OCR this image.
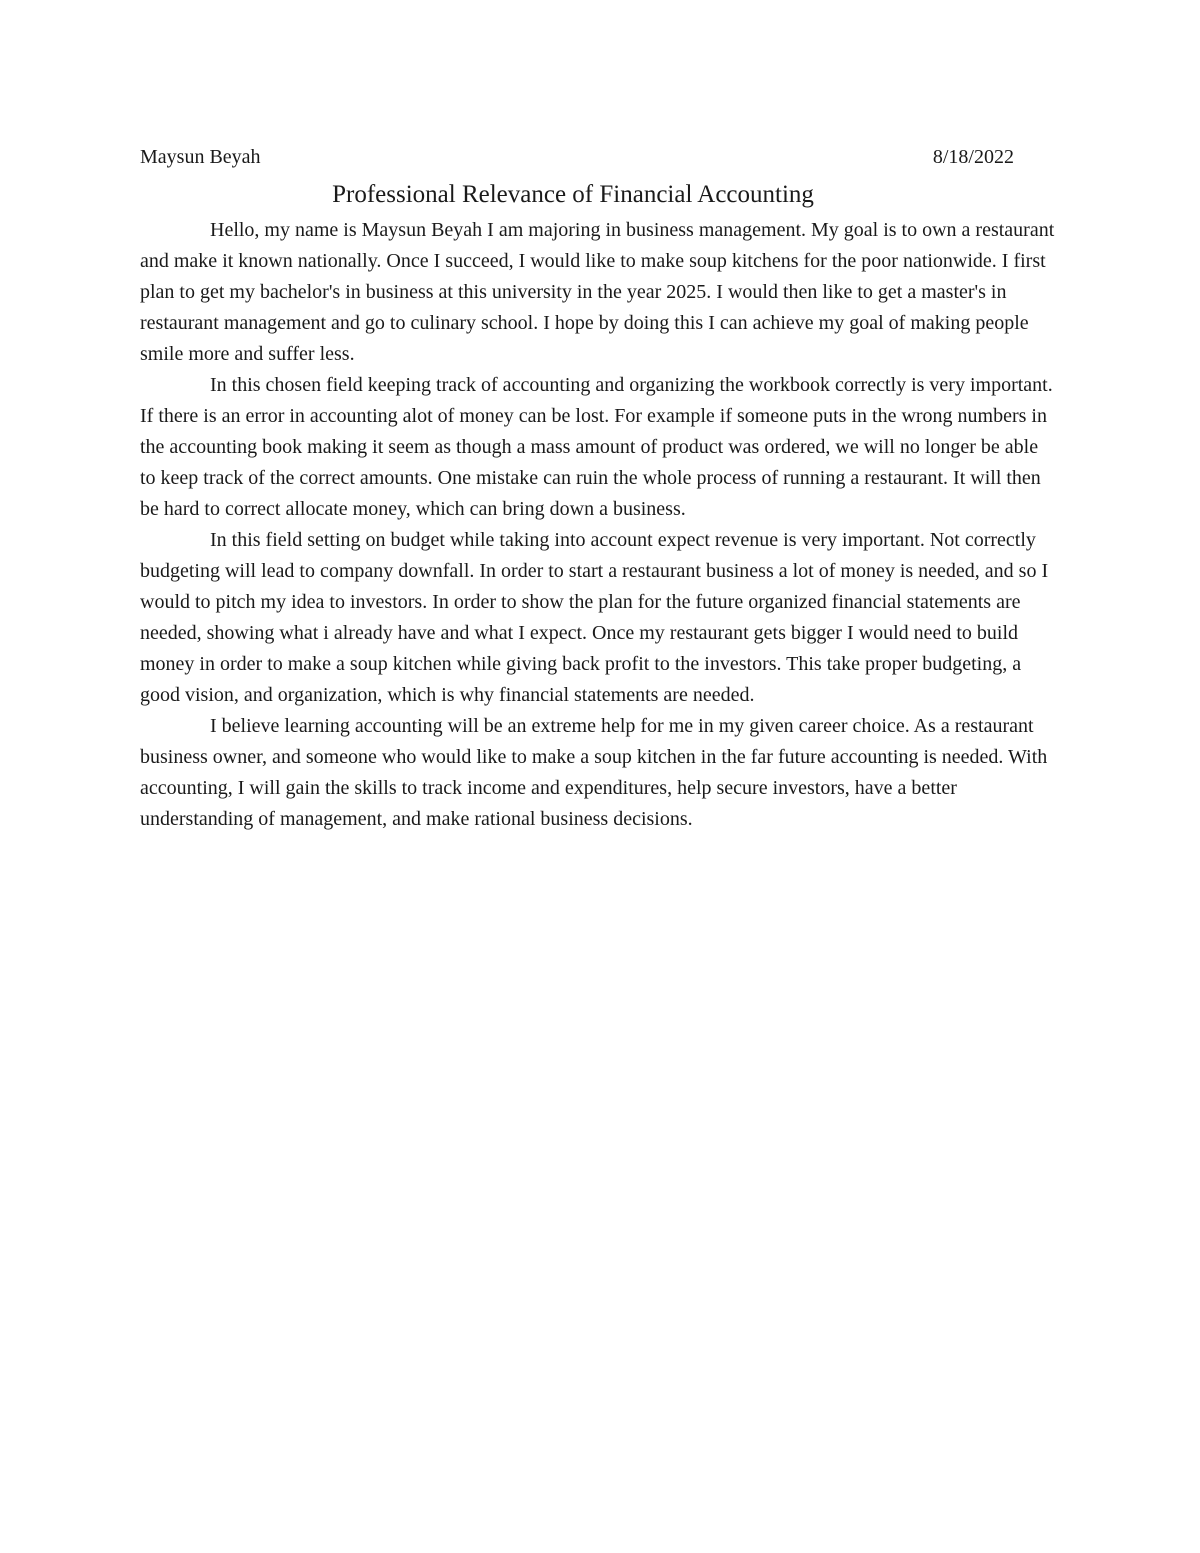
Maysun Beyah	8/18/2022
Professional Relevance of Financial Accounting

Hello, my name is Maysun Beyah I am majoring in business management. My goal is to own a restaurant and make it known nationally. Once I succeed, I would like to make soup kitchens for the poor nationwide. I first plan to get my bachelor's in business at this university in the year 2025. I would then like to get a master's in restaurant management and go to culinary school. I hope by doing this I can achieve my goal of making people smile more and suffer less.

In this chosen field keeping track of accounting and organizing the workbook correctly is very important. If there is an error in accounting alot of money can be lost. For example if someone puts in the wrong numbers in the accounting book making it seem as though a mass amount of product was ordered, we will no longer be able to keep track of the correct amounts. One mistake can ruin the whole process of running a restaurant. It will then be hard to correct allocate money, which can bring down a business.

In this field setting on budget while taking into account expect revenue is very important. Not correctly budgeting will lead to company downfall. In order to start a restaurant business a lot of money is needed, and so I would to pitch my idea to investors. In order to show the plan for the future organized financial statements are needed, showing what i already have and what I expect. Once my restaurant gets bigger I would need to build money in order to make a soup kitchen while giving back profit to the investors. This take proper budgeting, a good vision, and organization, which is why financial statements are needed.

I believe learning accounting will be an extreme help for me in my given career choice. As a restaurant business owner, and someone who would like to make a soup kitchen in the far future accounting is needed. With accounting, I will gain the skills to track income and expenditures, help secure investors, have a better understanding of management, and make rational business decisions.
